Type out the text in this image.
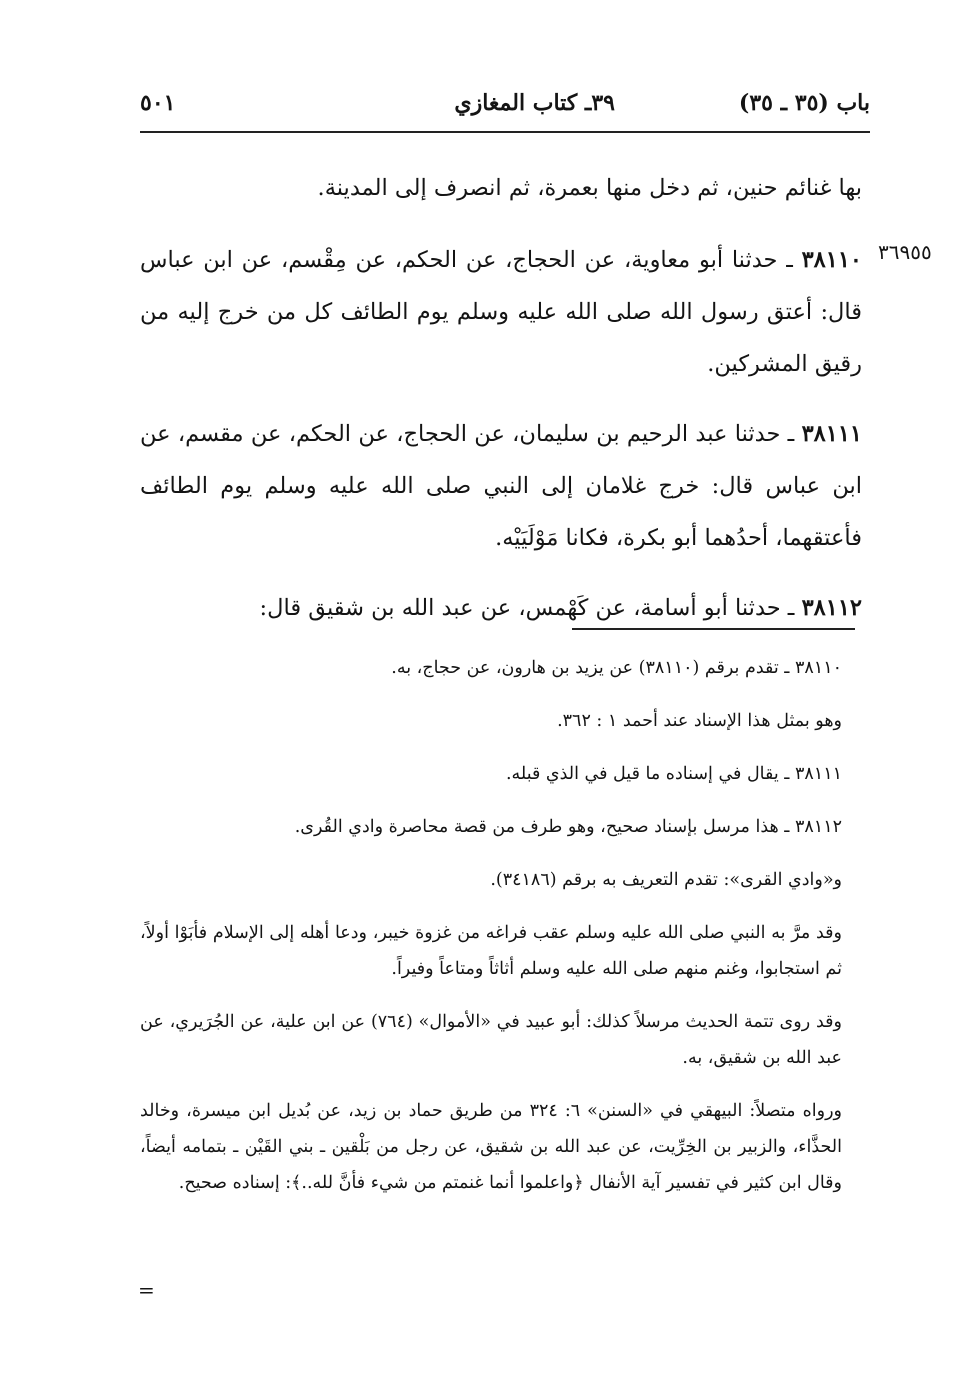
باب (٣٥ ـ ٣٥)
٣٩ـ كتاب المغازي
٥٠١
٣٦٩٥٥

بها غنائم حنين، ثم دخل منها بعمرة، ثم انصرف إلى المدينة.

٣٨١١٠ ـ حدثنا أبو معاوية، عن الحجاج، عن الحكم، عن مِقْسم، عن ابن عباس قال: أعتق رسول الله صلى الله عليه وسلم يوم الطائف كل من خرج إليه من رقيق المشركين.

٣٨١١١ ـ حدثنا عبد الرحيم بن سليمان، عن الحجاج، عن الحكم، عن مقسم، عن ابن عباس قال: خرج غلامان إلى النبي صلى الله عليه وسلم يوم الطائف فأعتقهما، أحدُهما أبو بكرة، فكانا مَوْلَيَيْه.

٣٨١١٢ ـ حدثنا أبو أسامة، عن كَهْمس، عن عبد الله بن شقيق قال:

٣٨١١٠ ـ تقدم برقم (٣٨١١٠) عن يزيد بن هارون، عن حجاج، به.

وهو بمثل هذا الإسناد عند أحمد ١ : ٣٦٢.

٣٨١١١ ـ يقال في إسناده ما قيل في الذي قبله.

٣٨١١٢ ـ هذا مرسل بإسناد صحيح، وهو طرف من قصة محاصرة وادي القُرى.

و«وادي القرى»: تقدم التعريف به برقم (٣٤١٨٦).

وقد مرَّ به النبي صلى الله عليه وسلم عقب فراغه من غزوة خيبر، ودعا أهله إلى الإسلام فأبَوْا أولاً، ثم استجابوا، وغنم منهم صلى الله عليه وسلم أثاثاً ومتاعاً وفيراً.

وقد روى تتمة الحديث مرسلاً كذلك: أبو عبيد في «الأموال» (٧٦٤) عن ابن علية، عن الجُرَيري، عن عبد الله بن شقيق، به.

ورواه متصلاً: البيهقي في «السنن» ٦: ٣٢٤ من طريق حماد بن زيد، عن بُديل ابن ميسرة، وخالد الحذَّاء، والزبير بن الخِرِّيت، عن عبد الله بن شقيق، عن رجل من بَلْقين ـ بني القَيْن ـ بتمامه أيضاً، وقال ابن كثير في تفسير آية الأنفال ﴿واعلموا أنما غنمتم من شيء فأنَّ لله..﴾: إسناده صحيح.

=
